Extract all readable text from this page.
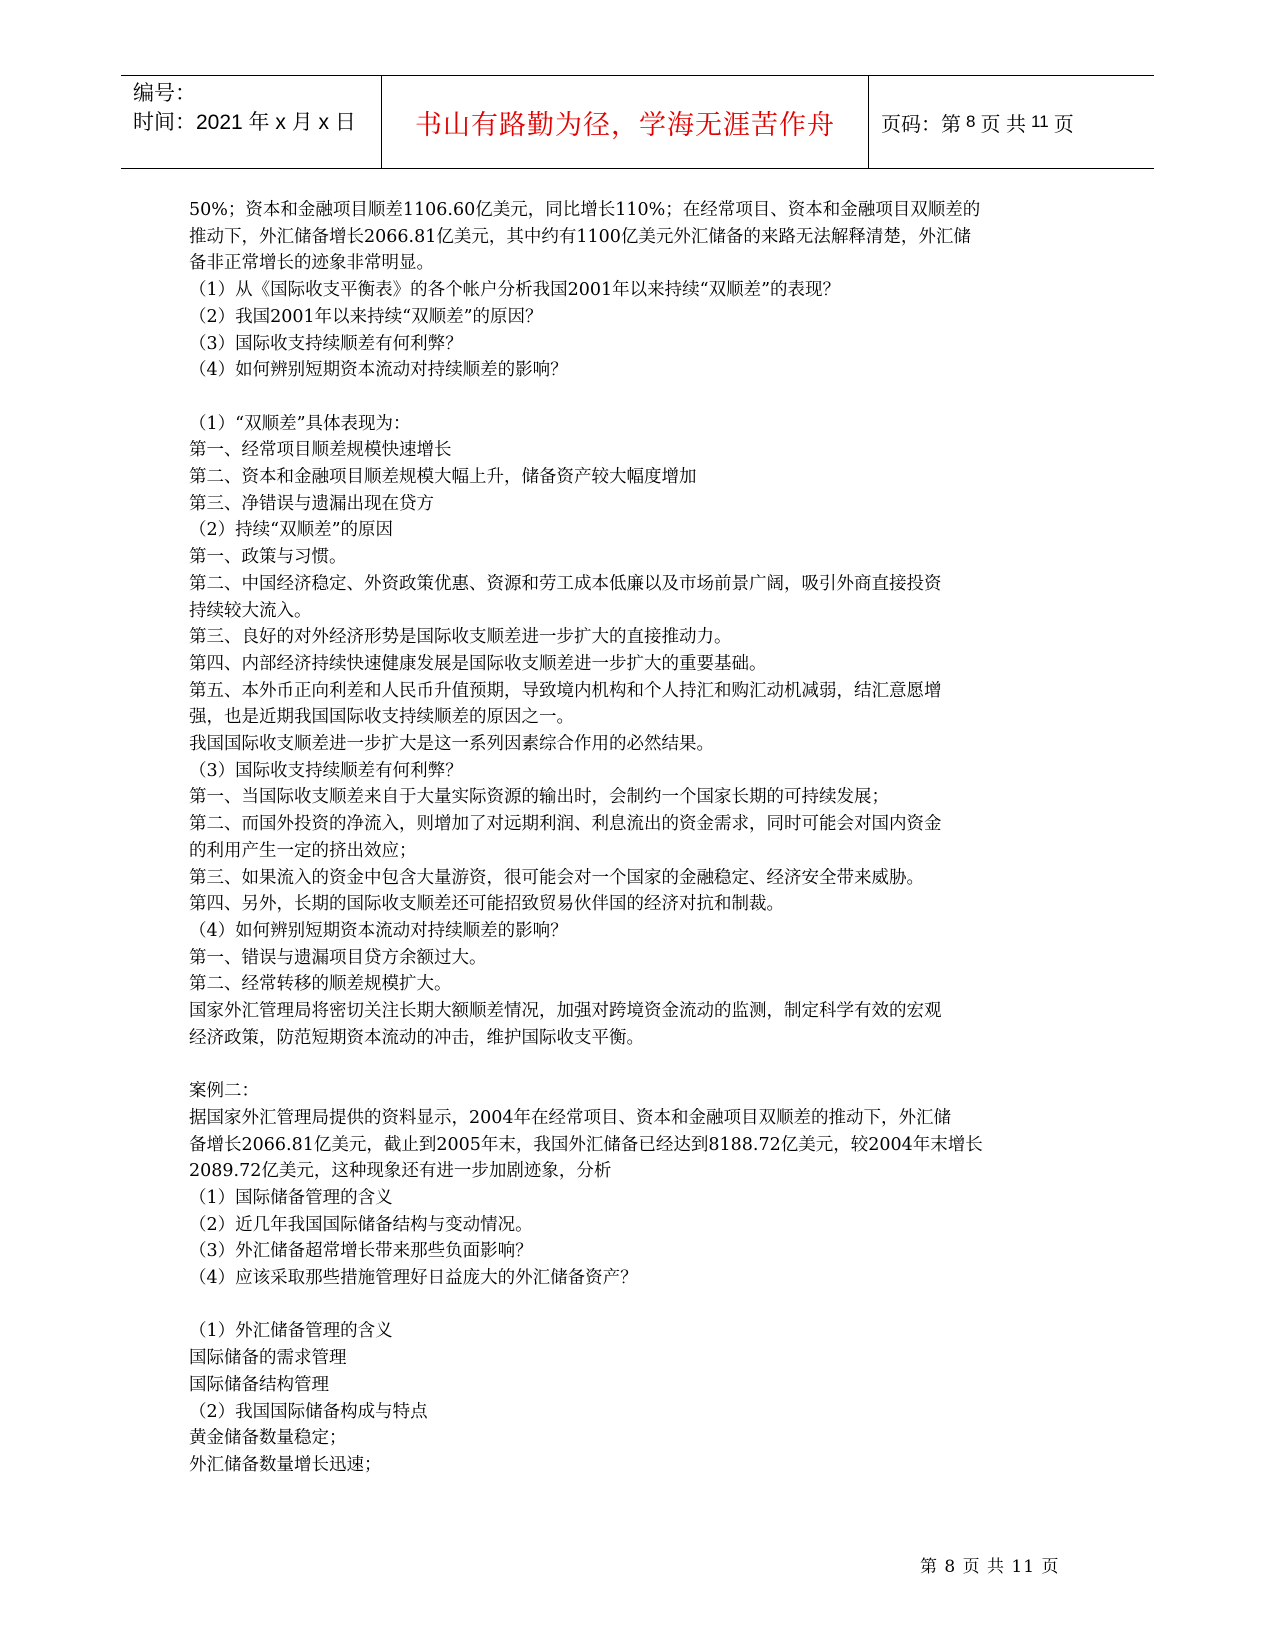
编号：
时间：2021 年 x 月 x 日	书山有路勤为径，学海无涯苦作舟	页码：第 8 页 共 11 页

50%；资本和金融项目顺差1106.60亿美元，同比增长110%；在经常项目、资本和金融项目双顺差的

推动下，外汇储备增长2066.81亿美元，其中约有1100亿美元外汇储备的来路无法解释清楚，外汇储

备非正常增长的迹象非常明显。

（1）从《国际收支平衡表》的各个帐户分析我国2001年以来持续“双顺差”的表现？

（2）我国2001年以来持续“双顺差”的原因？

（3）国际收支持续顺差有何利弊？

（4）如何辨别短期资本流动对持续顺差的影响？

（1）“双顺差”具体表现为：

第一、经常项目顺差规模快速增长

第二、资本和金融项目顺差规模大幅上升，储备资产较大幅度增加

第三、净错误与遗漏出现在贷方

（2）持续“双顺差”的原因

第一、政策与习惯。

第二、中国经济稳定、外资政策优惠、资源和劳工成本低廉以及市场前景广阔，吸引外商直接投资

持续较大流入。

第三、良好的对外经济形势是国际收支顺差进一步扩大的直接推动力。

第四、内部经济持续快速健康发展是国际收支顺差进一步扩大的重要基础。

第五、本外币正向利差和人民币升值预期，导致境内机构和个人持汇和购汇动机减弱，结汇意愿增

强，也是近期我国国际收支持续顺差的原因之一。

我国国际收支顺差进一步扩大是这一系列因素综合作用的必然结果。

（3）国际收支持续顺差有何利弊？

第一、当国际收支顺差来自于大量实际资源的输出时，会制约一个国家长期的可持续发展；

第二、而国外投资的净流入，则增加了对远期利润、利息流出的资金需求，同时可能会对国内资金

的利用产生一定的挤出效应；

第三、如果流入的资金中包含大量游资，很可能会对一个国家的金融稳定、经济安全带来威胁。

第四、另外，长期的国际收支顺差还可能招致贸易伙伴国的经济对抗和制裁。

（4）如何辨别短期资本流动对持续顺差的影响？

第一、错误与遗漏项目贷方余额过大。

第二、经常转移的顺差规模扩大。

国家外汇管理局将密切关注长期大额顺差情况，加强对跨境资金流动的监测，制定科学有效的宏观

经济政策，防范短期资本流动的冲击，维护国际收支平衡。

案例二：

据国家外汇管理局提供的资料显示，2004年在经常项目、资本和金融项目双顺差的推动下，外汇储

备增长2066.81亿美元，截止到2005年末，我国外汇储备已经达到8188.72亿美元，较2004年末增长

2089.72亿美元，这种现象还有进一步加剧迹象，分析

（1）国际储备管理的含义

（2）近几年我国国际储备结构与变动情况。

（3）外汇储备超常增长带来那些负面影响？

（4）应该采取那些措施管理好日益庞大的外汇储备资产？

（1）外汇储备管理的含义

国际储备的需求管理

国际储备结构管理

（2）我国国际储备构成与特点

黄金储备数量稳定；

外汇储备数量增长迅速；

第 8 页 共 11 页
